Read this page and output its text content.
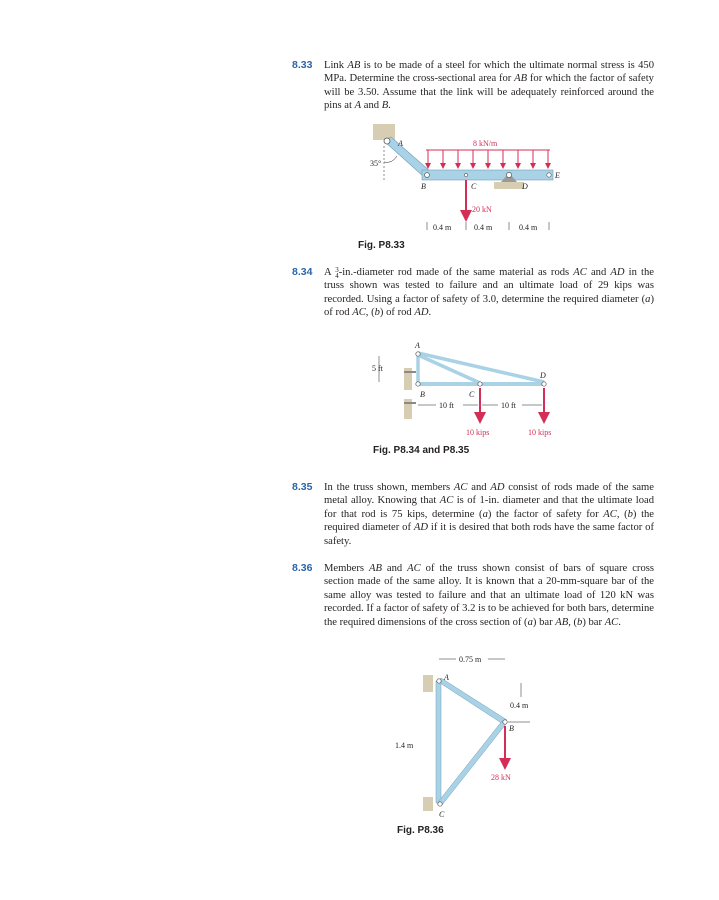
8.33 Link AB is to be made of a steel for which the ultimate normal stress is 450 MPa. Determine the cross-sectional area for AB for which the factor of safety will be 3.50. Assume that the link will be adequately reinforced around the pins at A and B.
8.34 A 3
4-in.-diameter rod made of the same material as rods AC and AD in the truss shown was tested to failure and an ultimate load of 29 kips was recorded. Using a factor of safety of 3.0, determine the required diameter (a) of rod AC, (b) of rod AD.
8.35 In the truss shown, members AC and AD consist of rods made of the same metal alloy. Knowing that AC is of 1-in. diameter and that the ultimate load for that rod is 75 kips, determine (a) the factor of safety for AC, (b) the required diameter of AD if it is desired that both rods have the same factor of safety.
8.36 Members AB and AC of the truss shown consist of bars of square cross section made of the same alloy. It is known that a 20-mm-square bar of the same alloy was tested to failure and that an ultimate load of 120 kN was recorded. If a factor of safety of 3.2 is to be achieved for both bars, determine the required dimensions of the cross section of (a) bar AB, (b) bar AC.
8 kN/m
20 kN
35°
A
B	C	D
E
0.4 m	0.4 m	0.4 m
Fig. P8.33
A
B	C
D
5 ft
10 kips	10 kips
10 ft	10 ft
Fig. P8.34 and P8.35
A
B
C
0.75 m
0.4 m
1.4 m
28 kN
Fig. P8.36
